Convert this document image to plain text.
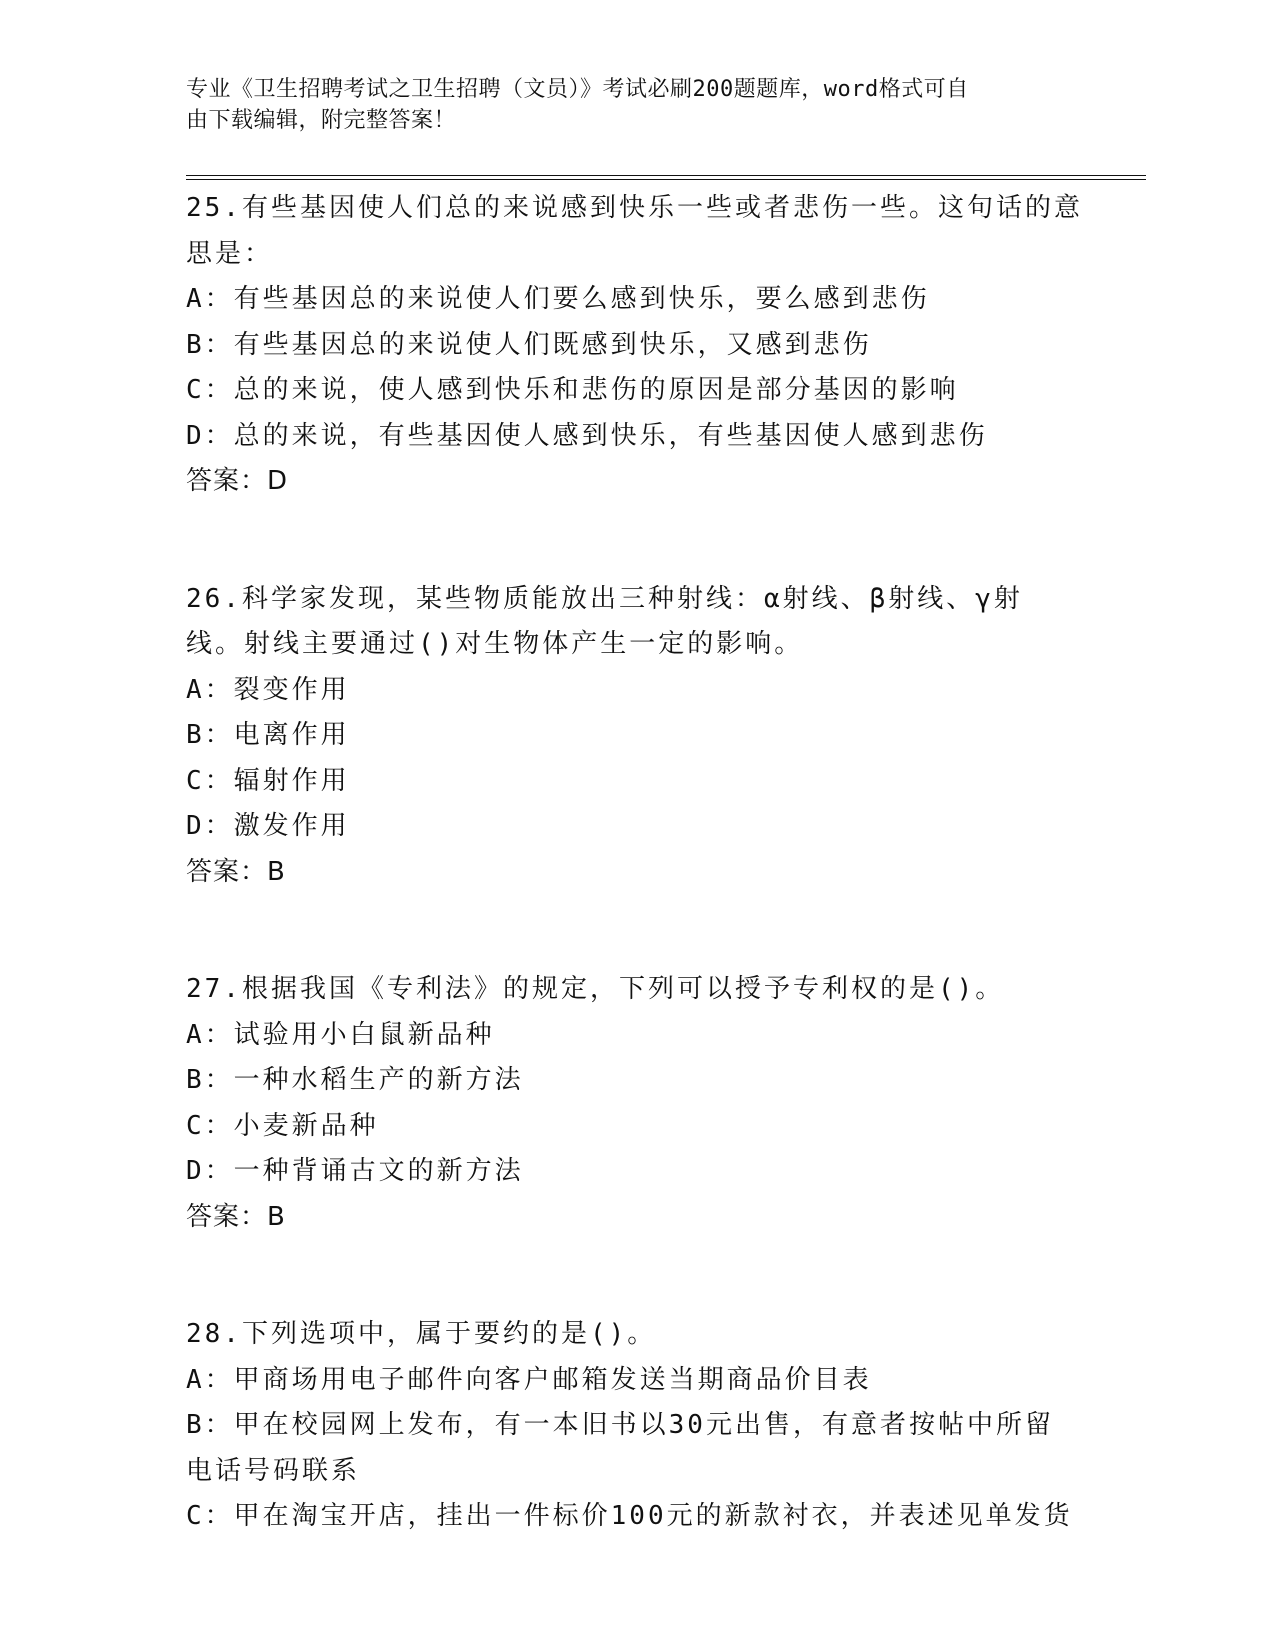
专业《卫生招聘考试之卫生招聘（文员）》考试必刷200题题库，word格式可自
由下载编辑，附完整答案！
25.有些基因使人们总的来说感到快乐一些或者悲伤一些。这句话的意
思是：
A：有些基因总的来说使人们要么感到快乐，要么感到悲伤
B：有些基因总的来说使人们既感到快乐，又感到悲伤
C：总的来说，使人感到快乐和悲伤的原因是部分基因的影响
D：总的来说，有些基因使人感到快乐，有些基因使人感到悲伤
答案：D
26.科学家发现，某些物质能放出三种射线：α射线、β射线、γ射
线。射线主要通过()对生物体产生一定的影响。
A：裂变作用
B：电离作用
C：辐射作用
D：激发作用
答案：B
27.根据我国《专利法》的规定，下列可以授予专利权的是()。
A：试验用小白鼠新品种
B：一种水稻生产的新方法
C：小麦新品种
D：一种背诵古文的新方法
答案：B
28.下列选项中，属于要约的是()。
A：甲商场用电子邮件向客户邮箱发送当期商品价目表
B：甲在校园网上发布，有一本旧书以30元出售，有意者按帖中所留
电话号码联系
C：甲在淘宝开店，挂出一件标价100元的新款衬衣，并表述见单发货
